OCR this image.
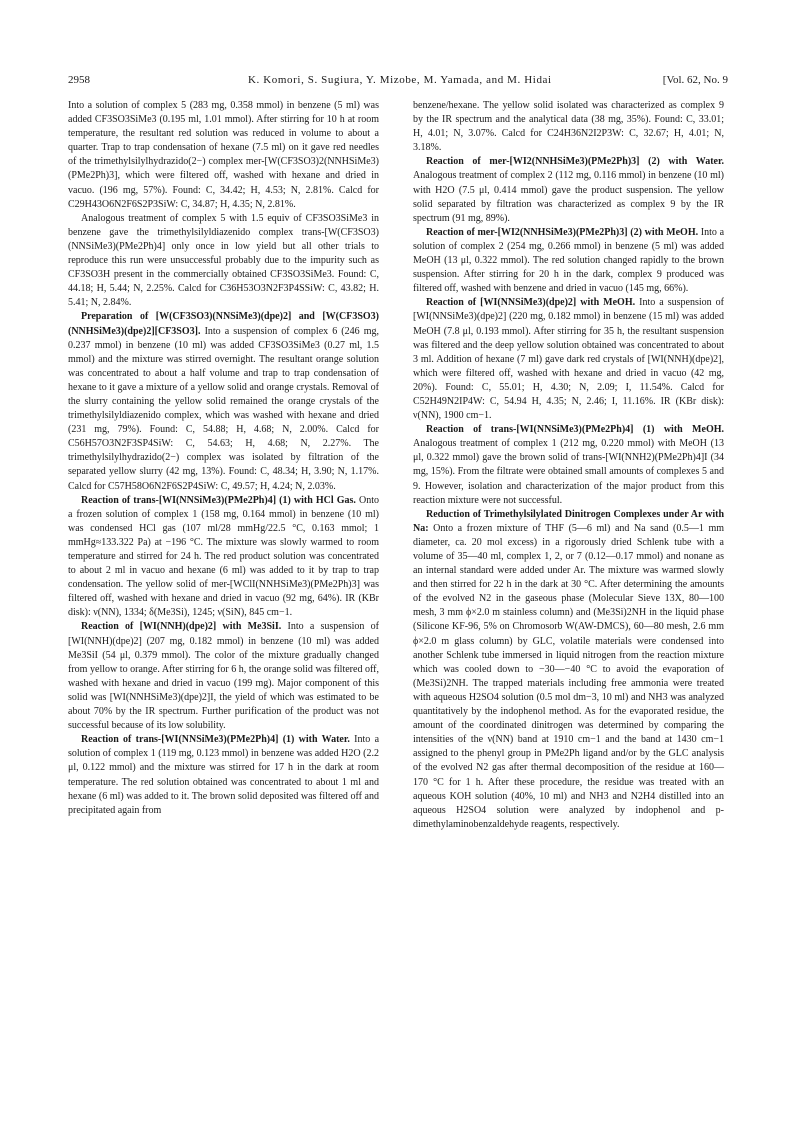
2958	K. Komori, S. Sugiura, Y. Mizobe, M. Yamada, and M. Hidai	[Vol. 62, No. 9

Into a solution of complex 5 (283 mg, 0.358 mmol) in benzene (5 ml) was added CF3SO3SiMe3 (0.195 ml, 1.01 mmol). After stirring for 10 h at room temperature, the resultant red solution was reduced in volume to about a quarter. Trap to trap condensation of hexane (7.5 ml) on it gave red needles of the trimethylsilylhydrazido(2−) complex mer-[W(CF3SO3)2(NNHSiMe3)(PMe2Ph)3], which were filtered off, washed with hexane and dried in vacuo. (196 mg, 57%). Found: C, 34.42; H, 4.53; N, 2.81%. Calcd for C29H43O6N2F6S2P3SiW: C, 34.87; H, 4.35; N, 2.81%.

Analogous treatment of complex 5 with 1.5 equiv of CF3SO3SiMe3 in benzene gave the trimethylsilyldiazenido complex trans-[W(CF3SO3)(NNSiMe3)(PMe2Ph)4] only once in low yield but all other trials to reproduce this run were unsuccessful probably due to the impurity such as CF3SO3H present in the commercially obtained CF3SO3SiMe3. Found: C, 44.18; H, 5.44; N, 2.25%. Calcd for C36H53O3N2F3P4SSiW: C, 43.82; H. 5.41; N, 2.84%.

Preparation of [W(CF3SO3)(NNSiMe3)(dpe)2] and [W(CF3SO3)(NNHSiMe3)(dpe)2][CF3SO3]. Into a suspension of complex 6 (246 mg, 0.237 mmol) in benzene (10 ml) was added CF3SO3SiMe3 (0.27 ml, 1.5 mmol) and the mixture was stirred overnight. The resultant orange solution was concentrated to about a half volume and trap to trap condensation of hexane to it gave a mixture of a yellow solid and orange crystals. Removal of the slurry containing the yellow solid remained the orange crystals of the trimethylsilyldiazenido complex, which was washed with hexane and dried (231 mg, 79%). Found: C, 54.88; H, 4.68; N, 2.00%. Calcd for C56H57O3N2F3SP4SiW: C, 54.63; H, 4.68; N, 2.27%. The trimethylsilylhydrazido(2−) complex was isolated by filtration of the separated yellow slurry (42 mg, 13%). Found: C, 48.34; H, 3.90; N, 1.17%. Calcd for C57H58O6N2F6S2P4SiW: C, 49.57; H, 4.24; N, 2.03%.

Reaction of trans-[WI(NNSiMe3)(PMe2Ph)4] (1) with HCl Gas. Onto a frozen solution of complex 1 (158 mg, 0.164 mmol) in benzene (10 ml) was condensed HCl gas (107 ml/28 mmHg/22.5 °C, 0.163 mmol; 1 mmHg≈133.322 Pa) at −196 °C. The mixture was slowly warmed to room temperature and stirred for 24 h. The red product solution was concentrated to about 2 ml in vacuo and hexane (6 ml) was added to it by trap to trap condensation. The yellow solid of mer-[WClI(NNHSiMe3)(PMe2Ph)3] was filtered off, washed with hexane and dried in vacuo (92 mg, 64%). IR (KBr disk): ν(NN), 1334; δ(Me3Si), 1245; ν(SiN), 845 cm−1.

Reaction of [WI(NNH)(dpe)2] with Me3SiI. Into a suspension of [WI(NNH)(dpe)2] (207 mg, 0.182 mmol) in benzene (10 ml) was added Me3SiI (54 μl, 0.379 mmol). The color of the mixture gradually changed from yellow to orange. After stirring for 6 h, the orange solid was filtered off, washed with hexane and dried in vacuo (199 mg). Major component of this solid was [WI(NNHSiMe3)(dpe)2]I, the yield of which was estimated to be about 70% by the IR spectrum. Further purification of the product was not successful because of its low solubility.

Reaction of trans-[WI(NNSiMe3)(PMe2Ph)4] (1) with Water. Into a solution of complex 1 (119 mg, 0.123 mmol) in benzene was added H2O (2.2 μl, 0.122 mmol) and the mixture was stirred for 17 h in the dark at room temperature. The red solution obtained was concentrated to about 1 ml and hexane (6 ml) was added to it. The brown solid deposited was filtered off and precipitated again from

benzene/hexane. The yellow solid isolated was characterized as complex 9 by the IR spectrum and the analytical data (38 mg, 35%). Found: C, 33.01; H, 4.01; N, 3.07%. Calcd for C24H36N2I2P3W: C, 32.67; H, 4.01; N, 3.18%.

Reaction of mer-[WI2(NNHSiMe3)(PMe2Ph)3] (2) with Water. Analogous treatment of complex 2 (112 mg, 0.116 mmol) in benzene (10 ml) with H2O (7.5 μl, 0.414 mmol) gave the product suspension. The yellow solid separated by filtration was characterized as complex 9 by the IR spectrum (91 mg, 89%).

Reaction of mer-[WI2(NNHSiMe3)(PMe2Ph)3] (2) with MeOH. Into a solution of complex 2 (254 mg, 0.266 mmol) in benzene (5 ml) was added MeOH (13 μl, 0.322 mmol). The red solution changed rapidly to the brown suspension. After stirring for 20 h in the dark, complex 9 produced was filtered off, washed with benzene and dried in vacuo (145 mg, 66%).

Reaction of [WI(NNSiMe3)(dpe)2] with MeOH. Into a suspension of [WI(NNSiMe3)(dpe)2] (220 mg, 0.182 mmol) in benzene (15 ml) was added MeOH (7.8 μl, 0.193 mmol). After stirring for 35 h, the resultant suspension was filtered and the deep yellow solution obtained was concentrated to about 3 ml. Addition of hexane (7 ml) gave dark red crystals of [WI(NNH)(dpe)2], which were filtered off, washed with hexane and dried in vacuo (42 mg, 20%). Found: C, 55.01; H, 4.30; N, 2.09; I, 11.54%. Calcd for C52H49N2IP4W: C, 54.94 H, 4.35; N, 2.46; I, 11.16%. IR (KBr disk): ν(NN), 1900 cm−1.

Reaction of trans-[WI(NNSiMe3)(PMe2Ph)4] (1) with MeOH. Analogous treatment of complex 1 (212 mg, 0.220 mmol) with MeOH (13 μl, 0.322 mmol) gave the brown solid of trans-[WI(NNH2)(PMe2Ph)4]I (34 mg, 15%). From the filtrate were obtained small amounts of complexes 5 and 9. However, isolation and characterization of the major product from this reaction mixture were not successful.

Reduction of Trimethylsilylated Dinitrogen Complexes under Ar with Na: Onto a frozen mixture of THF (5—6 ml) and Na sand (0.5—1 mm diameter, ca. 20 mol excess) in a rigorously dried Schlenk tube with a volume of 35—40 ml, complex 1, 2, or 7 (0.12—0.17 mmol) and nonane as an internal standard were added under Ar. The mixture was warmed slowly and then stirred for 22 h in the dark at 30 °C. After determining the amounts of the evolved N2 in the gaseous phase (Molecular Sieve 13X, 80—100 mesh, 3 mm ϕ×2.0 m stainless column) and (Me3Si)2NH in the liquid phase (Silicone KF-96, 5% on Chromosorb W(AW-DMCS), 60—80 mesh, 2.6 mm ϕ×2.0 m glass column) by GLC, volatile materials were condensed into another Schlenk tube immersed in liquid nitrogen from the reaction mixture which was cooled down to −30—−40 °C to avoid the evaporation of (Me3Si)2NH. The trapped materials including free ammonia were treated with aqueous H2SO4 solution (0.5 mol dm−3, 10 ml) and NH3 was analyzed quantitatively by the indophenol method. As for the evaporated residue, the amount of the coordinated dinitrogen was determined by comparing the intensities of the ν(NN) band at 1910 cm−1 and the band at 1430 cm−1 assigned to the phenyl group in PMe2Ph ligand and/or by the GLC analysis of the evolved N2 gas after thermal decomposition of the residue at 160—170 °C for 1 h. After these procedure, the residue was treated with an aqueous KOH solution (40%, 10 ml) and NH3 and N2H4 distilled into an aqueous H2SO4 solution were analyzed by indophenol and p-dimethylaminobenzaldehyde reagents, respectively.
